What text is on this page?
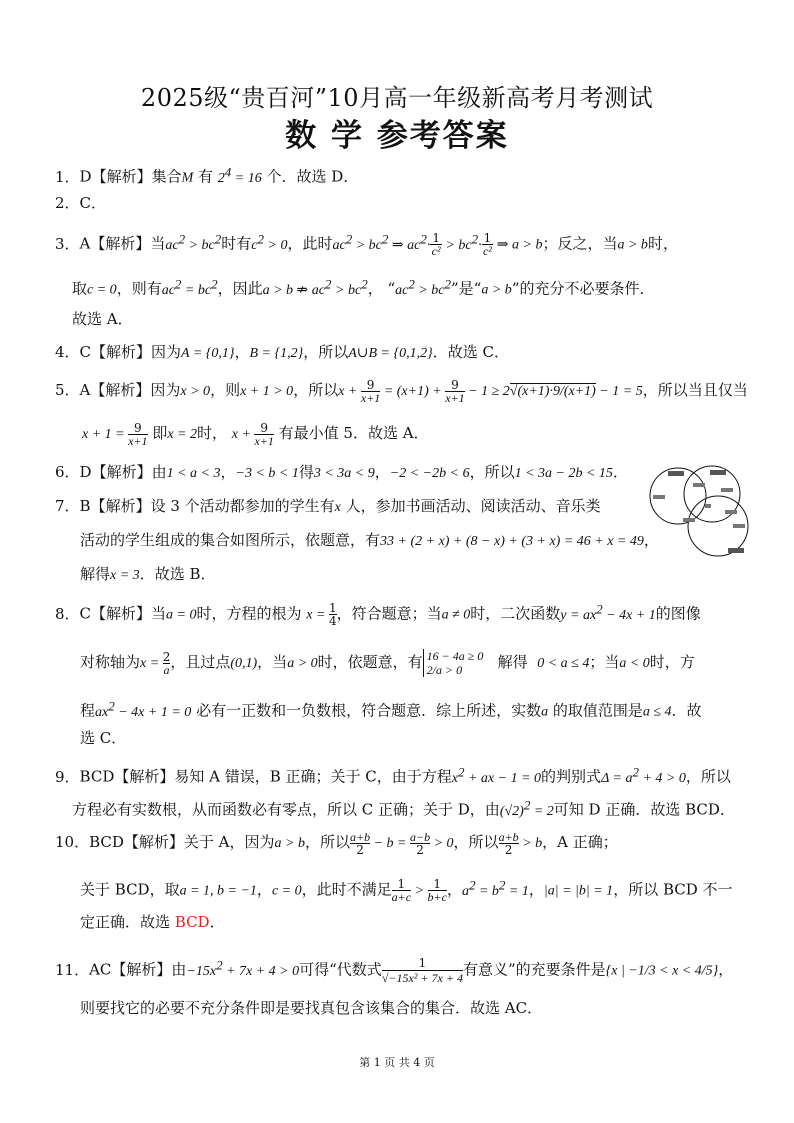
2025级“贵百河”10月高一年级新高考月考测试
数 学 参考答案
1．D【解析】集合M 有 $2^4 = 16$ 个．故选 D．
2．C．
3．A【解析】当$ac^2 > bc^2$时有$c^2 > 0$，此时$ac^2 > bc^2$ ⇒ $ac^2\cdot \frac{1}{\text{c²}} > bc^2\cdot \frac{1}{\text{c²}}$ ⇒ a > b；反之，当a > b时，
取c = 0，则有$ac^2 = bc^2$，因此a > b ⇏ $ac^2 > bc^2$， “$ac^2 > bc^2$”是“a > b”的充分不必要条件．
故选 A．
4．C【解析】因为A = {0,1}，B = {1,2}，所以A∪B = {0,1,2}．故选 C．
5．A【解析】因为x > 0，则x + 1 > 0，所以$x + \frac{9}{x+1} = (x+1) + \frac{9}{x+1} - 1 \ge 2√(x+1)\cdot 9/(x+1) - 1 = 5$，所以当且仅当
$x + 1 = \frac{9}{x+1}$ 即x = 2时， $x + \frac{9}{x+1}$ 有最小值 5．故选 A．
6．D【解析】由1 < a < 3，−3 < b < 1得3 < 3a < 9，−2 < −2b < 6，所以1 < 3a − 2b < 15．
7．B【解析】设 3 个活动都参加的学生有x 人，参加书画活动、阅读活动、音乐类
活动的学生组成的集合如图所示，依题意，有33 + (2 + x) + (8 − x) + (3 + x) = 46 + x = 49，
解得x = 3．故选 B．
8．C【解析】当a = 0时，方程的根为 $x = \frac{1}{4}$ ，符合题意；当a ≠ 0时，二次函数$y = ax^2 - 4x + 1$的图像
对称轴为$x = \frac{2}{a}$ ，且过点(0,1)，当a > 0时，依题意，有 16 − 4a ≥ 0
2/a > 0	解得  0 < a ≤ 4；当a < 0时，方
程$ax^2 - 4x + 1 = 0$ 必有一正数和一负数根，符合题意．综上所述，实数a 的取值范围是a ≤ 4．故
选 C．
9．BCD【解析】易知 A 错误，B 正确；关于 C，由于方程$x^2$ + ax − 1 = 0的判别式$\Delta = a^2 + 4 > 0$，所以
方程必有实数根，从而函数必有零点，所以 C 正确；关于 D，由$(√2)^2 = 2$可知 D 正确．故选 BCD．
10．BCD【解析】关于 A，因为a > b，所以 $\frac{a+b}{2} - b = \frac{a-b}{2} > 0$，所以 $\frac{a+b}{2} > b$，A 正确；
关于 BCD，取a = 1, b = −1，c = 0，此时不满足 $\frac{1}{a+c} > \frac{1}{b+c}$ ，$a^2 = b^2 = 1$，|a| = |b| = 1，所以 BCD 不一
定正确．故选 BCD．
11．AC【解析】由$-15x^2 + 7x + 4 > 0$可得“代数式 $\frac{1}{\text{√−15x² + 7x + 4}}$ 有意义”的充要条件是{x | −1/3 < x < 4/5}，
则要找它的必要不充分条件即是要找真包含该集合的集合．故选 AC．
第 1 页 共 4 页
